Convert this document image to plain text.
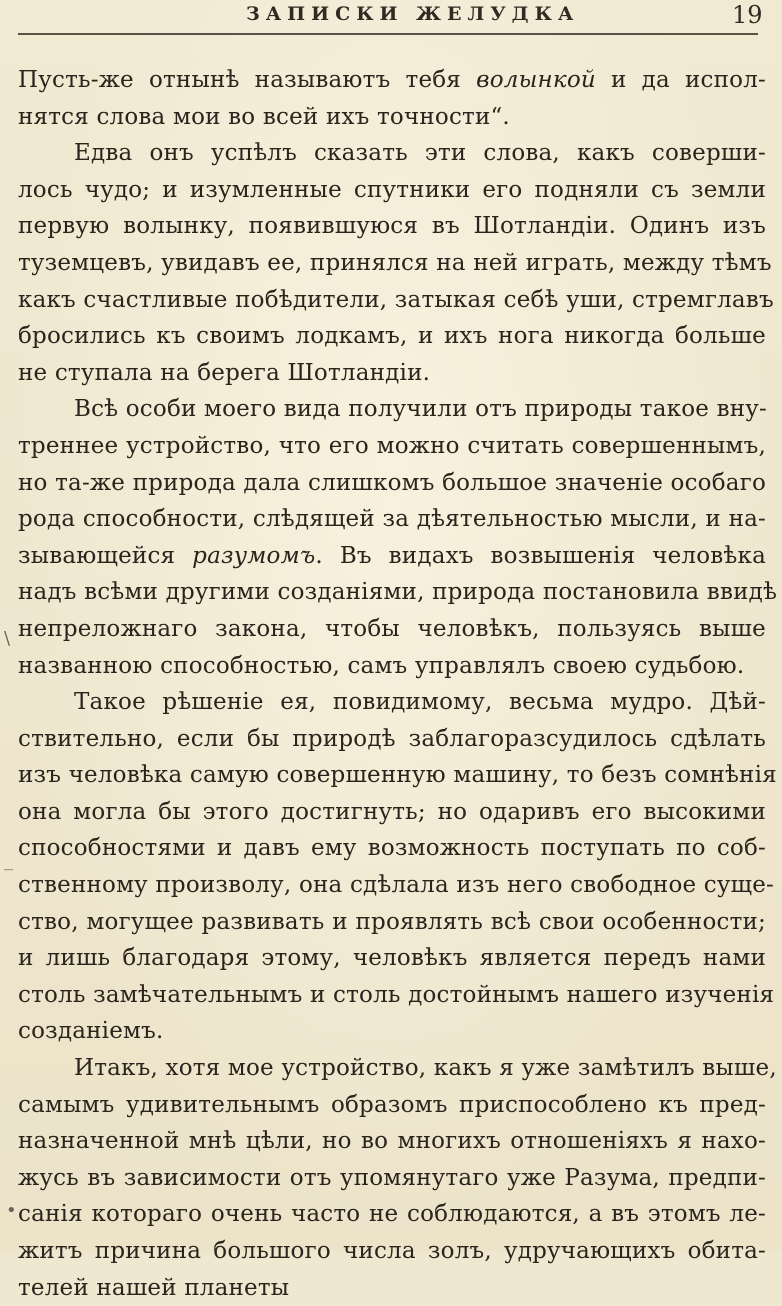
ЗАПИСКИ ЖЕЛУДКА	19
Пусть-же отнынѣ называютъ тебя волынкой и да испол-
нятся слова мои во всей ихъ точности“.
Едва онъ успѣлъ сказать эти слова, какъ соверши-
лось чудо; и изумленные спутники его подняли съ земли
первую волынку, появившуюся въ Шотландіи. Одинъ изъ
туземцевъ, увидавъ ее, принялся на ней играть, между тѣмъ
какъ счастливые побѣдители, затыкая себѣ уши, стремглавъ
бросились къ своимъ лодкамъ, и ихъ нога никогда больше
не ступала на берега Шотландіи.
Всѣ особи моего вида получили отъ природы такое вну-
треннее устройство, что его можно считать совершеннымъ,
но та-же природа дала слишкомъ большое значеніе особаго
рода способности, слѣдящей за дѣятельностью мысли, и на-
зывающейся разумомъ. Въ видахъ возвышенія человѣка
надъ всѣми другими созданіями, природа постановила ввидѣ
непреложнаго закона, чтобы человѣкъ, пользуясь выше
названною способностью, самъ управлялъ своею судьбою.
Такое рѣшеніе ея, повидимому, весьма мудро. Дѣй-
ствительно, если бы природѣ заблагоразсудилось сдѣлать
изъ человѣка самую совершенную машину, то безъ сомнѣнія
она могла бы этого достигнуть; но одаривъ его высокими
способностями и давъ ему возможность поступать по соб-
ственному произволу, она сдѣлала изъ него свободное суще-
ство, могущее развивать и проявлять всѣ свои особенности;
и лишь благодаря этому, человѣкъ является передъ нами
столь замѣчательнымъ и столь достойнымъ нашего изученія
созданіемъ.
Итакъ, хотя мое устройство, какъ я уже замѣтилъ выше,
самымъ удивительнымъ образомъ приспособлено къ пред-
назначенной мнѣ цѣли, но во многихъ отношеніяхъ я нахо-
жусь въ зависимости отъ упомянутаго уже Разума, предпи-
санія котораго очень часто не соблюдаются, а въ этомъ ле-
житъ причина большого числа золъ, удручающихъ обита-
телей нашей планеты
\
_
•
